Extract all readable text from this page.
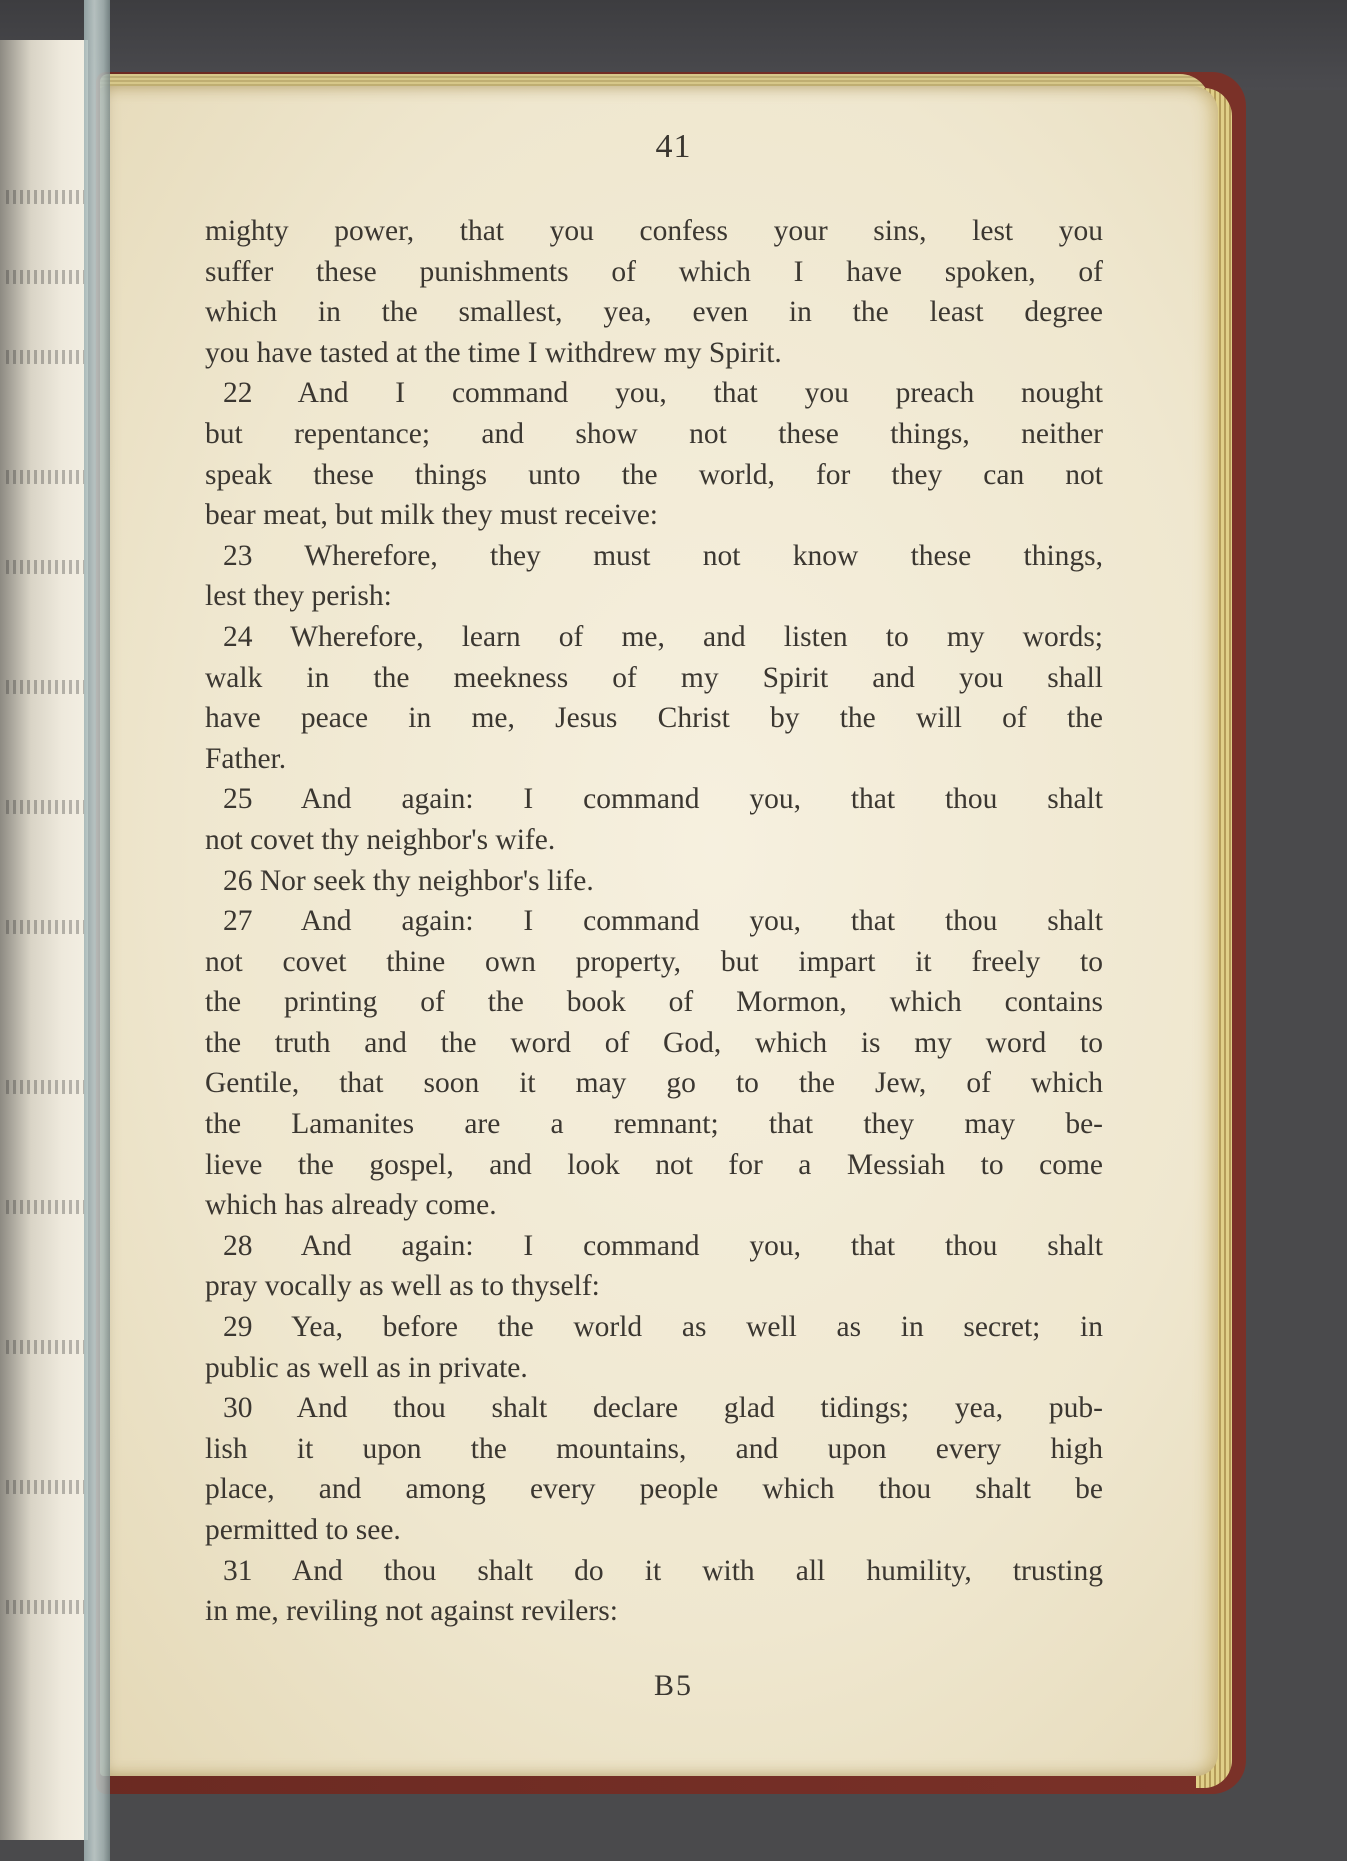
41
mighty power, that you confess your sins, lest you
suffer these punishments of which I have spoken, of
which in the smallest, yea, even in the least degree
you have tasted at the time I withdrew my Spirit.
22 And I command you, that you preach nought
but repentance; and show not these things, neither
speak these things unto the world, for they can not
bear meat, but milk they must receive:
23 Wherefore, they must not know these things,
lest they perish:
24 Wherefore, learn of me, and listen to my words;
walk in the meekness of my Spirit and you shall
have peace in me, Jesus Christ by the will of the
Father.
25 And again: I command you, that thou shalt
not covet thy neighbor's wife.
26 Nor seek thy neighbor's life.
27 And again: I command you, that thou shalt
not covet thine own property, but impart it freely to
the printing of the book of Mormon, which contains
the truth and the word of God, which is my word to
Gentile, that soon it may go to the Jew, of which
the Lamanites are a remnant; that they may be-
lieve the gospel, and look not for a Messiah to come
which has already come.
28 And again: I command you, that thou shalt
pray vocally as well as to thyself:
29 Yea, before the world as well as in secret; in
public as well as in private.
30 And thou shalt declare glad tidings; yea, pub-
lish it upon the mountains, and upon every high
place, and among every people which thou shalt be
permitted to see.
31 And thou shalt do it with all humility, trusting
in me, reviling not against revilers:
B5
